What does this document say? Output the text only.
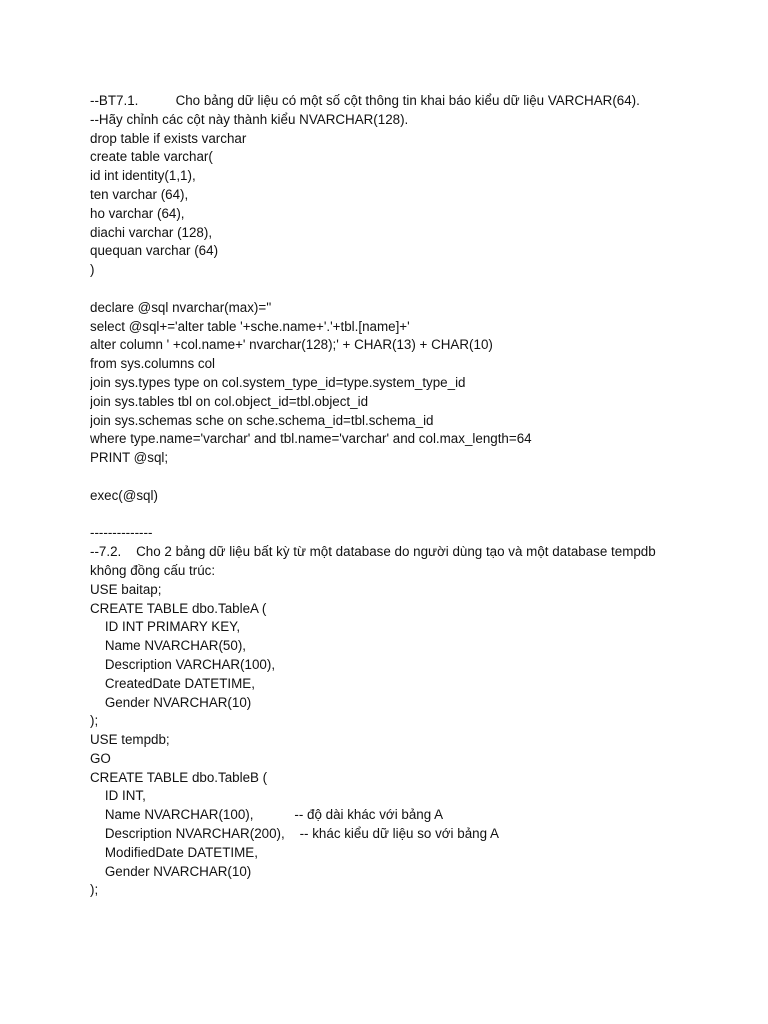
--BT7.1.          Cho bảng dữ liệu có một số cột thông tin khai báo kiểu dữ liệu VARCHAR(64).
--Hãy chỉnh các cột này thành kiểu NVARCHAR(128).
drop table if exists varchar
create table varchar(
id int identity(1,1),
ten varchar (64),
ho varchar (64),
diachi varchar (128),
quequan varchar (64)
)
declare @sql nvarchar(max)=''
select @sql+='alter table '+sche.name+'.'+tbl.[name]+'
alter column ' +col.name+' nvarchar(128);' + CHAR(13) + CHAR(10)
from sys.columns col
join sys.types type on col.system_type_id=type.system_type_id
join sys.tables tbl on col.object_id=tbl.object_id
join sys.schemas sche on sche.schema_id=tbl.schema_id
where type.name='varchar' and tbl.name='varchar' and col.max_length=64
PRINT @sql;
exec(@sql)
--------------
--7.2.    Cho 2 bảng dữ liệu bất kỳ từ một database do người dùng tạo và một database tempdb
không đồng cấu trúc:
USE baitap;
CREATE TABLE dbo.TableA (
ID INT PRIMARY KEY,
Name NVARCHAR(50),
Description VARCHAR(100),
CreatedDate DATETIME,
Gender NVARCHAR(10)
);
USE tempdb;
GO
CREATE TABLE dbo.TableB (
ID INT,
Name NVARCHAR(100),           -- độ dài khác với bảng A
Description NVARCHAR(200),    -- khác kiểu dữ liệu so với bảng A
ModifiedDate DATETIME,
Gender NVARCHAR(10)
);
